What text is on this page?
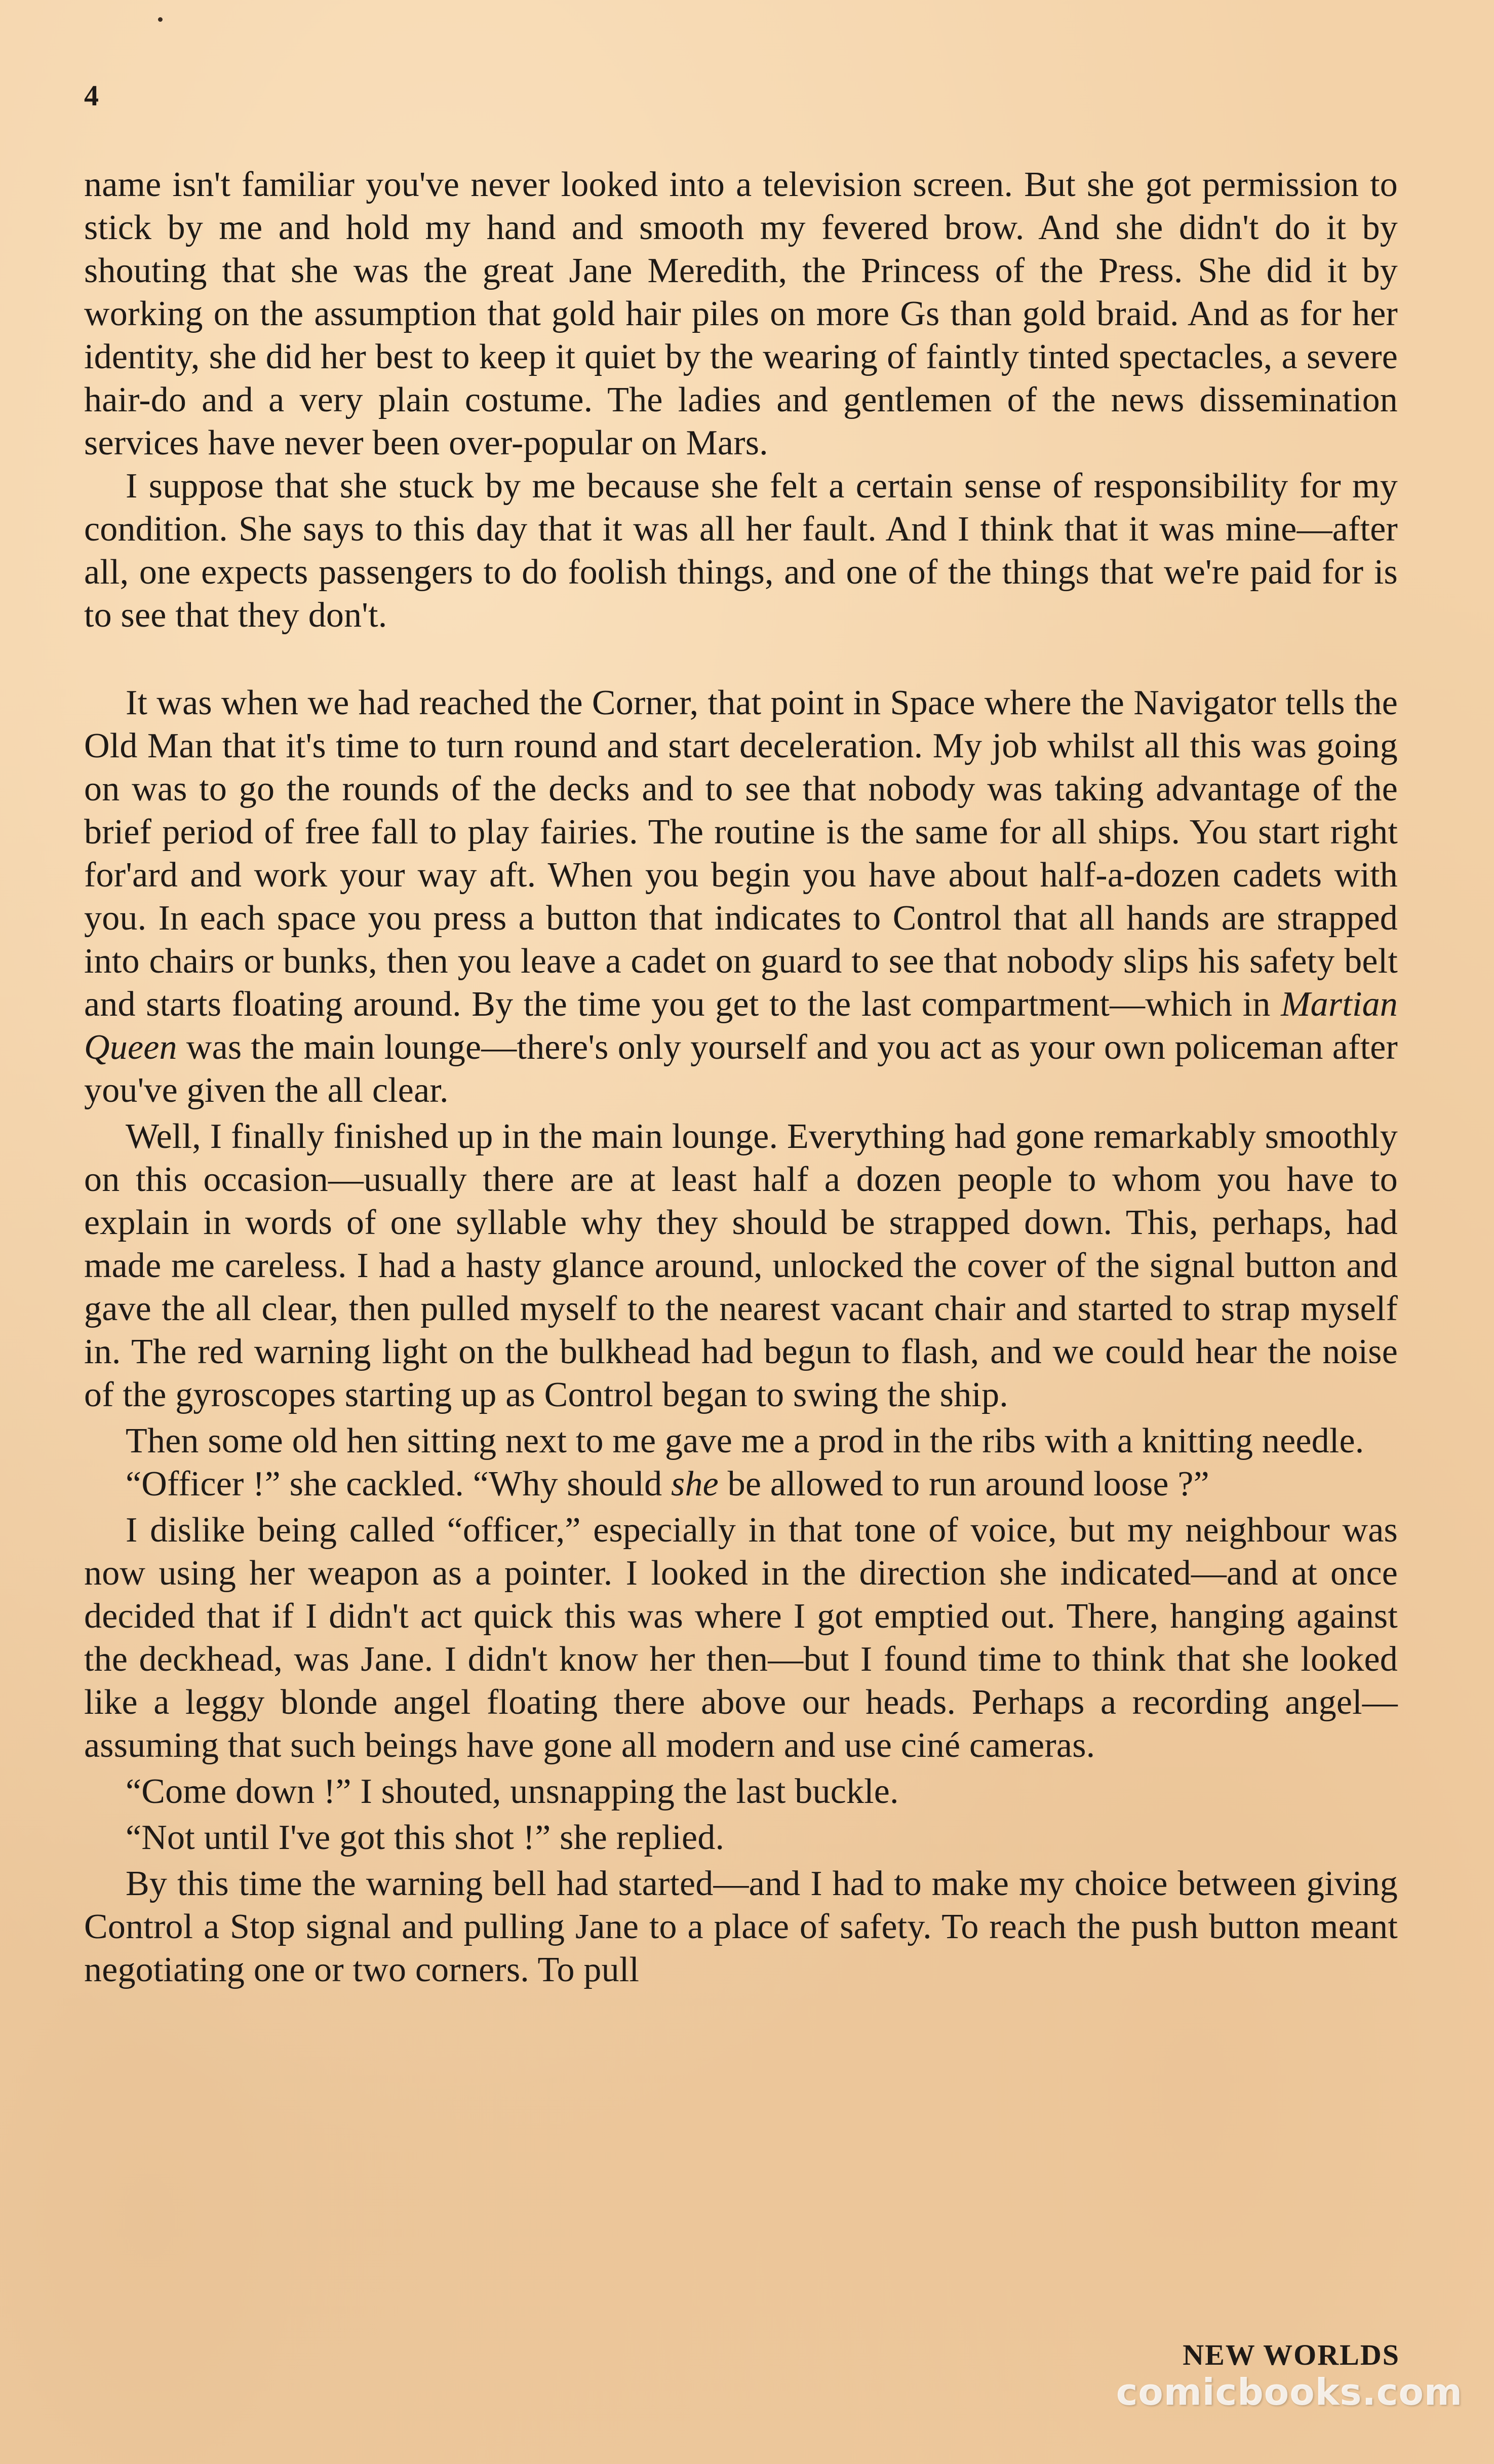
4

name isn't familiar you've never looked into a television screen. But she got permission to stick by me and hold my hand and smooth my fevered brow. And she didn't do it by shouting that she was the great Jane Meredith, the Princess of the Press. She did it by working on the assumption that gold hair piles on more Gs than gold braid. And as for her identity, she did her best to keep it quiet by the wearing of faintly tinted spectacles, a severe hair-do and a very plain costume. The ladies and gentlemen of the news dissemination services have never been over-popular on Mars.

I suppose that she stuck by me because she felt a certain sense of responsibility for my condition. She says to this day that it was all her fault. And I think that it was mine—after all, one expects passengers to do foolish things, and one of the things that we're paid for is to see that they don't.

It was when we had reached the Corner, that point in Space where the Navigator tells the Old Man that it's time to turn round and start deceleration. My job whilst all this was going on was to go the rounds of the decks and to see that nobody was taking advantage of the brief period of free fall to play fairies. The routine is the same for all ships. You start right for'ard and work your way aft. When you begin you have about half-a-dozen cadets with you. In each space you press a button that indicates to Control that all hands are strapped into chairs or bunks, then you leave a cadet on guard to see that nobody slips his safety belt and starts floating around. By the time you get to the last compartment—which in Martian Queen was the main lounge—there's only yourself and you act as your own policeman after you've given the all clear.

Well, I finally finished up in the main lounge. Everything had gone remarkably smoothly on this occasion—usually there are at least half a dozen people to whom you have to explain in words of one syllable why they should be strapped down. This, perhaps, had made me careless. I had a hasty glance around, unlocked the cover of the signal button and gave the all clear, then pulled myself to the nearest vacant chair and started to strap myself in. The red warning light on the bulkhead had begun to flash, and we could hear the noise of the gyroscopes starting up as Control began to swing the ship.

Then some old hen sitting next to me gave me a prod in the ribs with a knitting needle.

“Officer !” she cackled. “Why should she be allowed to run around loose ?”

I dislike being called “officer,” especially in that tone of voice, but my neighbour was now using her weapon as a pointer. I looked in the direction she indicated—and at once decided that if I didn't act quick this was where I got emptied out. There, hanging against the deckhead, was Jane. I didn't know her then—but I found time to think that she looked like a leggy blonde angel floating there above our heads. Perhaps a recording angel—assuming that such beings have gone all modern and use ciné cameras.

“Come down !” I shouted, unsnapping the last buckle.

“Not until I've got this shot !” she replied.

By this time the warning bell had started—and I had to make my choice between giving Control a Stop signal and pulling Jane to a place of safety. To reach the push button meant negotiating one or two corners. To pull

NEW WORLDS
comicbooks.com
